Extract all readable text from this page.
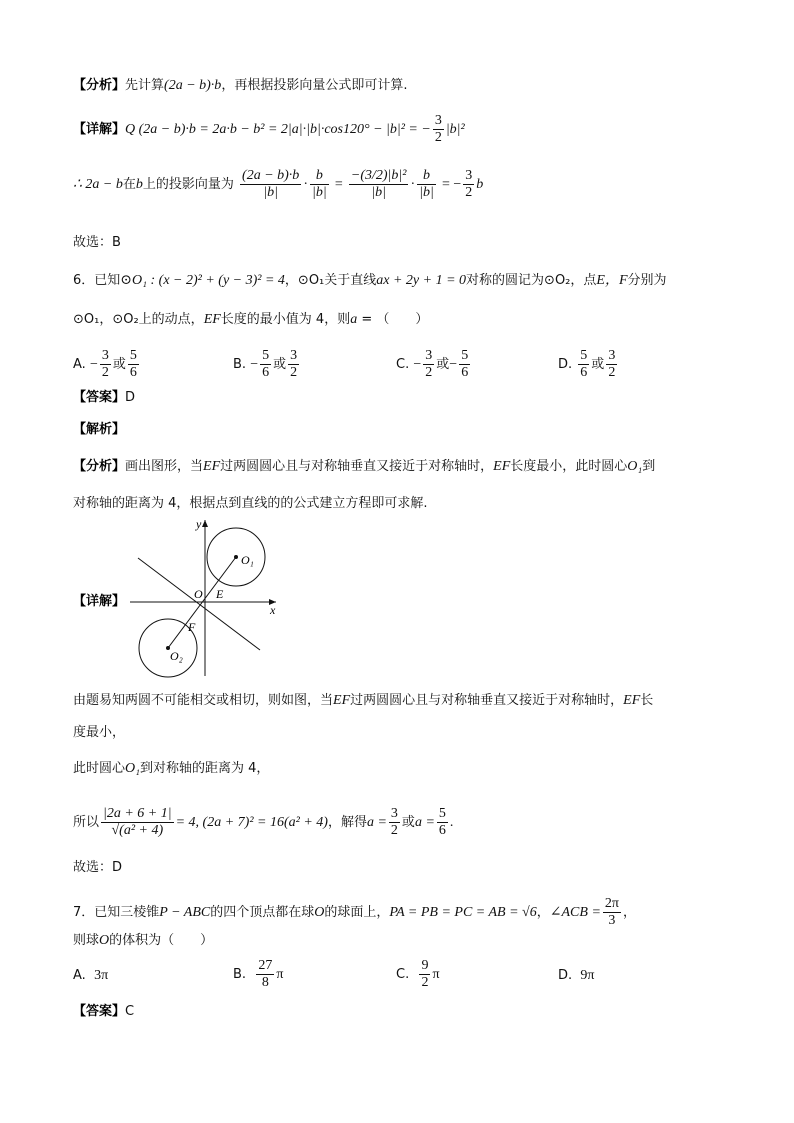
【分析】先计算(2a − b)·b，再根据投影向量公式即可计算.
【详解】Q (2a − b)·b = 2a·b − b² = 2|a|·|b|·cos120° − |b|² = − $\frac{3}{2} |b|^2$
∴ 2a − b在b上的投影向量为 $\frac{(2a - b)\cdot b}{|b|} \cdot \frac{b}{|b|} = \frac{\text{−(3/2)|b|²}}{|b|} \cdot \frac{b}{|b|}$ = − $\frac{3}{2}$ b
故选：B
6．已知⊙O₁ : (x − 2)² + (y − 3)² = 4，⊙O₁关于直线ax + 2y + 1 = 0对称的圆记为⊙O₂，点E，F分别为
⊙O₁，⊙O₂上的动点，EF长度的最小值为 4，则a = （　　）
A. − $\frac{3}{2}$ 或 $\frac{5}{6}$	B. − $\frac{5}{6}$ 或 $\frac{3}{2}$	C. − $\frac{3}{2}$ 或− $\frac{5}{6}$	D. $\frac{5}{6}$ 或 $\frac{3}{2}$
【答案】D
【解析】
【分析】画出图形，当EF过两圆圆心且与对称轴垂直又接近于对称轴时，EF长度最小，此时圆心O₁到
对称轴的距离为 4，根据点到直线的的公式建立方程即可求解.
【详解】
y
x
O E
F
O₁
O₂
由题易知两圆不可能相交或相切，则如图，当EF过两圆圆心且与对称轴垂直又接近于对称轴时，EF长
度最小，
此时圆心O₁到对称轴的距离为 4，
所以 $\frac{|2a + 6 + 1|}{\text{√(a² + 4)}} = 4$, (2a + 7)² = 16(a² + 4)，解得$a = \frac{3}{2}$ 或$a = \frac{5}{6}$ .
故选：D
7．已知三棱锥P − ABC的四个顶点都在球O的球面上，PA = PB = PC = AB = √6，∠ACB = $\frac{2\pi}{3}$ ，
则球O的体积为（　　）
A. 3π	B. $\frac{27}{8}$ π	C. $\frac{9}{2}$ π	D. 9π
【答案】C
